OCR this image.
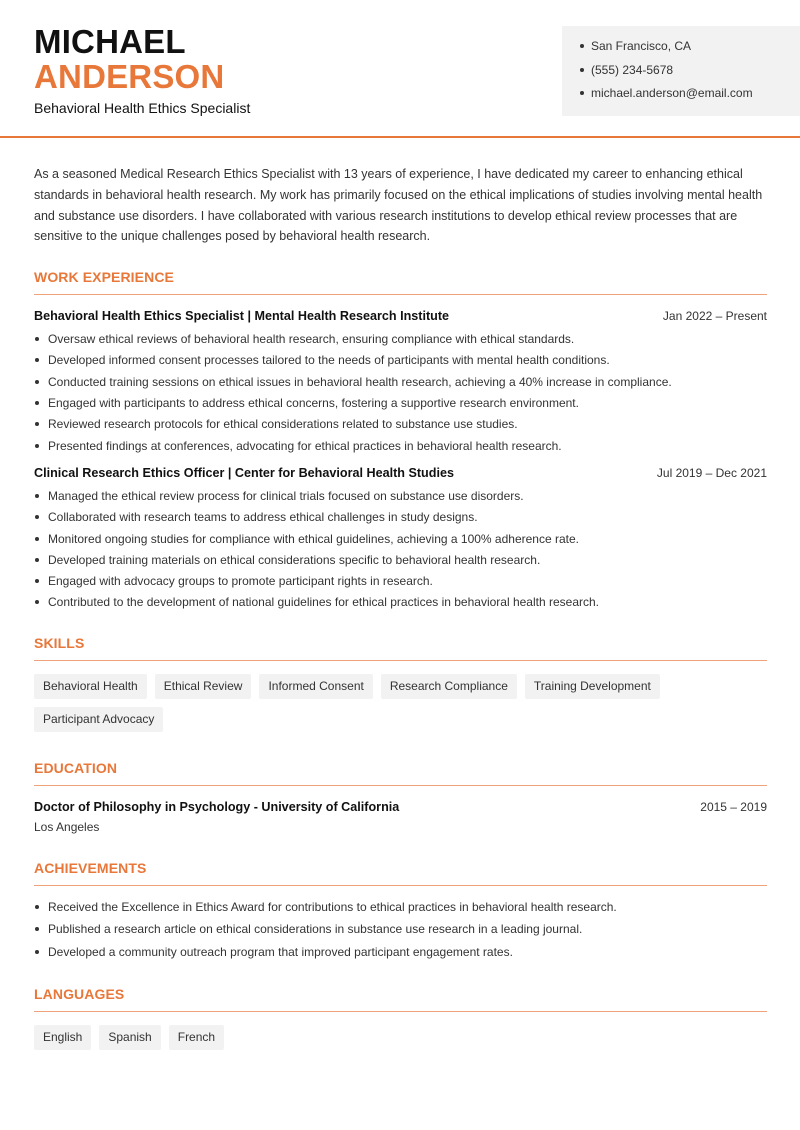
MICHAEL
ANDERSON
Behavioral Health Ethics Specialist
San Francisco, CA
(555) 234-5678
michael.anderson@email.com

As a seasoned Medical Research Ethics Specialist with 13 years of experience, I have dedicated my career to enhancing ethical standards in behavioral health research. My work has primarily focused on the ethical implications of studies involving mental health and substance use disorders. I have collaborated with various research institutions to develop ethical review processes that are sensitive to the unique challenges posed by behavioral health research.

WORK EXPERIENCE
Behavioral Health Ethics Specialist | Mental Health Research Institute	Jan 2022 – Present
Oversaw ethical reviews of behavioral health research, ensuring compliance with ethical standards.
Developed informed consent processes tailored to the needs of participants with mental health conditions.
Conducted training sessions on ethical issues in behavioral health research, achieving a 40% increase in compliance.
Engaged with participants to address ethical concerns, fostering a supportive research environment.
Reviewed research protocols for ethical considerations related to substance use studies.
Presented findings at conferences, advocating for ethical practices in behavioral health research.
Clinical Research Ethics Officer | Center for Behavioral Health Studies	Jul 2019 – Dec 2021
Managed the ethical review process for clinical trials focused on substance use disorders.
Collaborated with research teams to address ethical challenges in study designs.
Monitored ongoing studies for compliance with ethical guidelines, achieving a 100% adherence rate.
Developed training materials on ethical considerations specific to behavioral health research.
Engaged with advocacy groups to promote participant rights in research.
Contributed to the development of national guidelines for ethical practices in behavioral health research.
SKILLS
Behavioral Health	Ethical Review	Informed Consent	Research Compliance	Training Development
Participant Advocacy
EDUCATION
Doctor of Philosophy in Psychology - University of California	2015 – 2019
Los Angeles
ACHIEVEMENTS
Received the Excellence in Ethics Award for contributions to ethical practices in behavioral health research.
Published a research article on ethical considerations in substance use research in a leading journal.
Developed a community outreach program that improved participant engagement rates.
LANGUAGES
English	Spanish	French
